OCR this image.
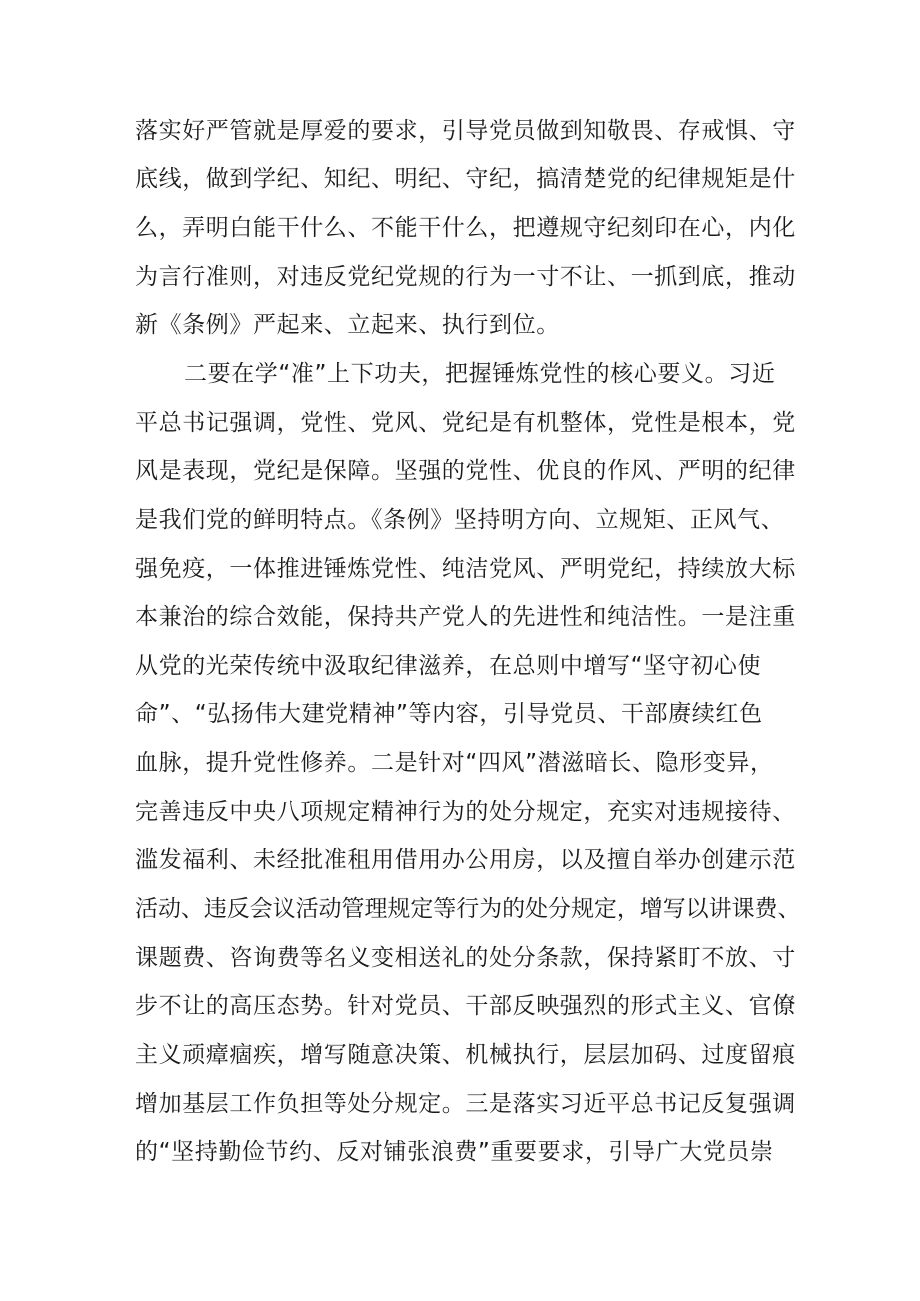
落实好严管就是厚爱的要求，引导党员做到知敬畏、存戒惧、守
底线，做到学纪、知纪、明纪、守纪，搞清楚党的纪律规矩是什
么，弄明白能干什么、不能干什么，把遵规守纪刻印在心，内化
为言行准则，对违反党纪党规的行为一寸不让、一抓到底，推动
新《条例》严起来、立起来、执行到位。
二要在学“准”上下功夫，把握锤炼党性的核心要义。习近
平总书记强调，党性、党风、党纪是有机整体，党性是根本，党
风是表现，党纪是保障。坚强的党性、优良的作风、严明的纪律
是我们党的鲜明特点。《条例》坚持明方向、立规矩、正风气、
强免疫，一体推进锤炼党性、纯洁党风、严明党纪，持续放大标
本兼治的综合效能，保持共产党人的先进性和纯洁性。一是注重
从党的光荣传统中汲取纪律滋养，在总则中增写“坚守初心使
命”、“弘扬伟大建党精神”等内容，引导党员、干部赓续红色
血脉，提升党性修养。二是针对“四风”潜滋暗长、隐形变异，
完善违反中央八项规定精神行为的处分规定，充实对违规接待、
滥发福利、未经批准租用借用办公用房，以及擅自举办创建示范
活动、违反会议活动管理规定等行为的处分规定，增写以讲课费、
课题费、咨询费等名义变相送礼的处分条款，保持紧盯不放、寸
步不让的高压态势。针对党员、干部反映强烈的形式主义、官僚
主义顽瘴痼疾，增写随意决策、机械执行，层层加码、过度留痕
增加基层工作负担等处分规定。三是落实习近平总书记反复强调
的“坚持勤俭节约、反对铺张浪费”重要要求，引导广大党员崇
